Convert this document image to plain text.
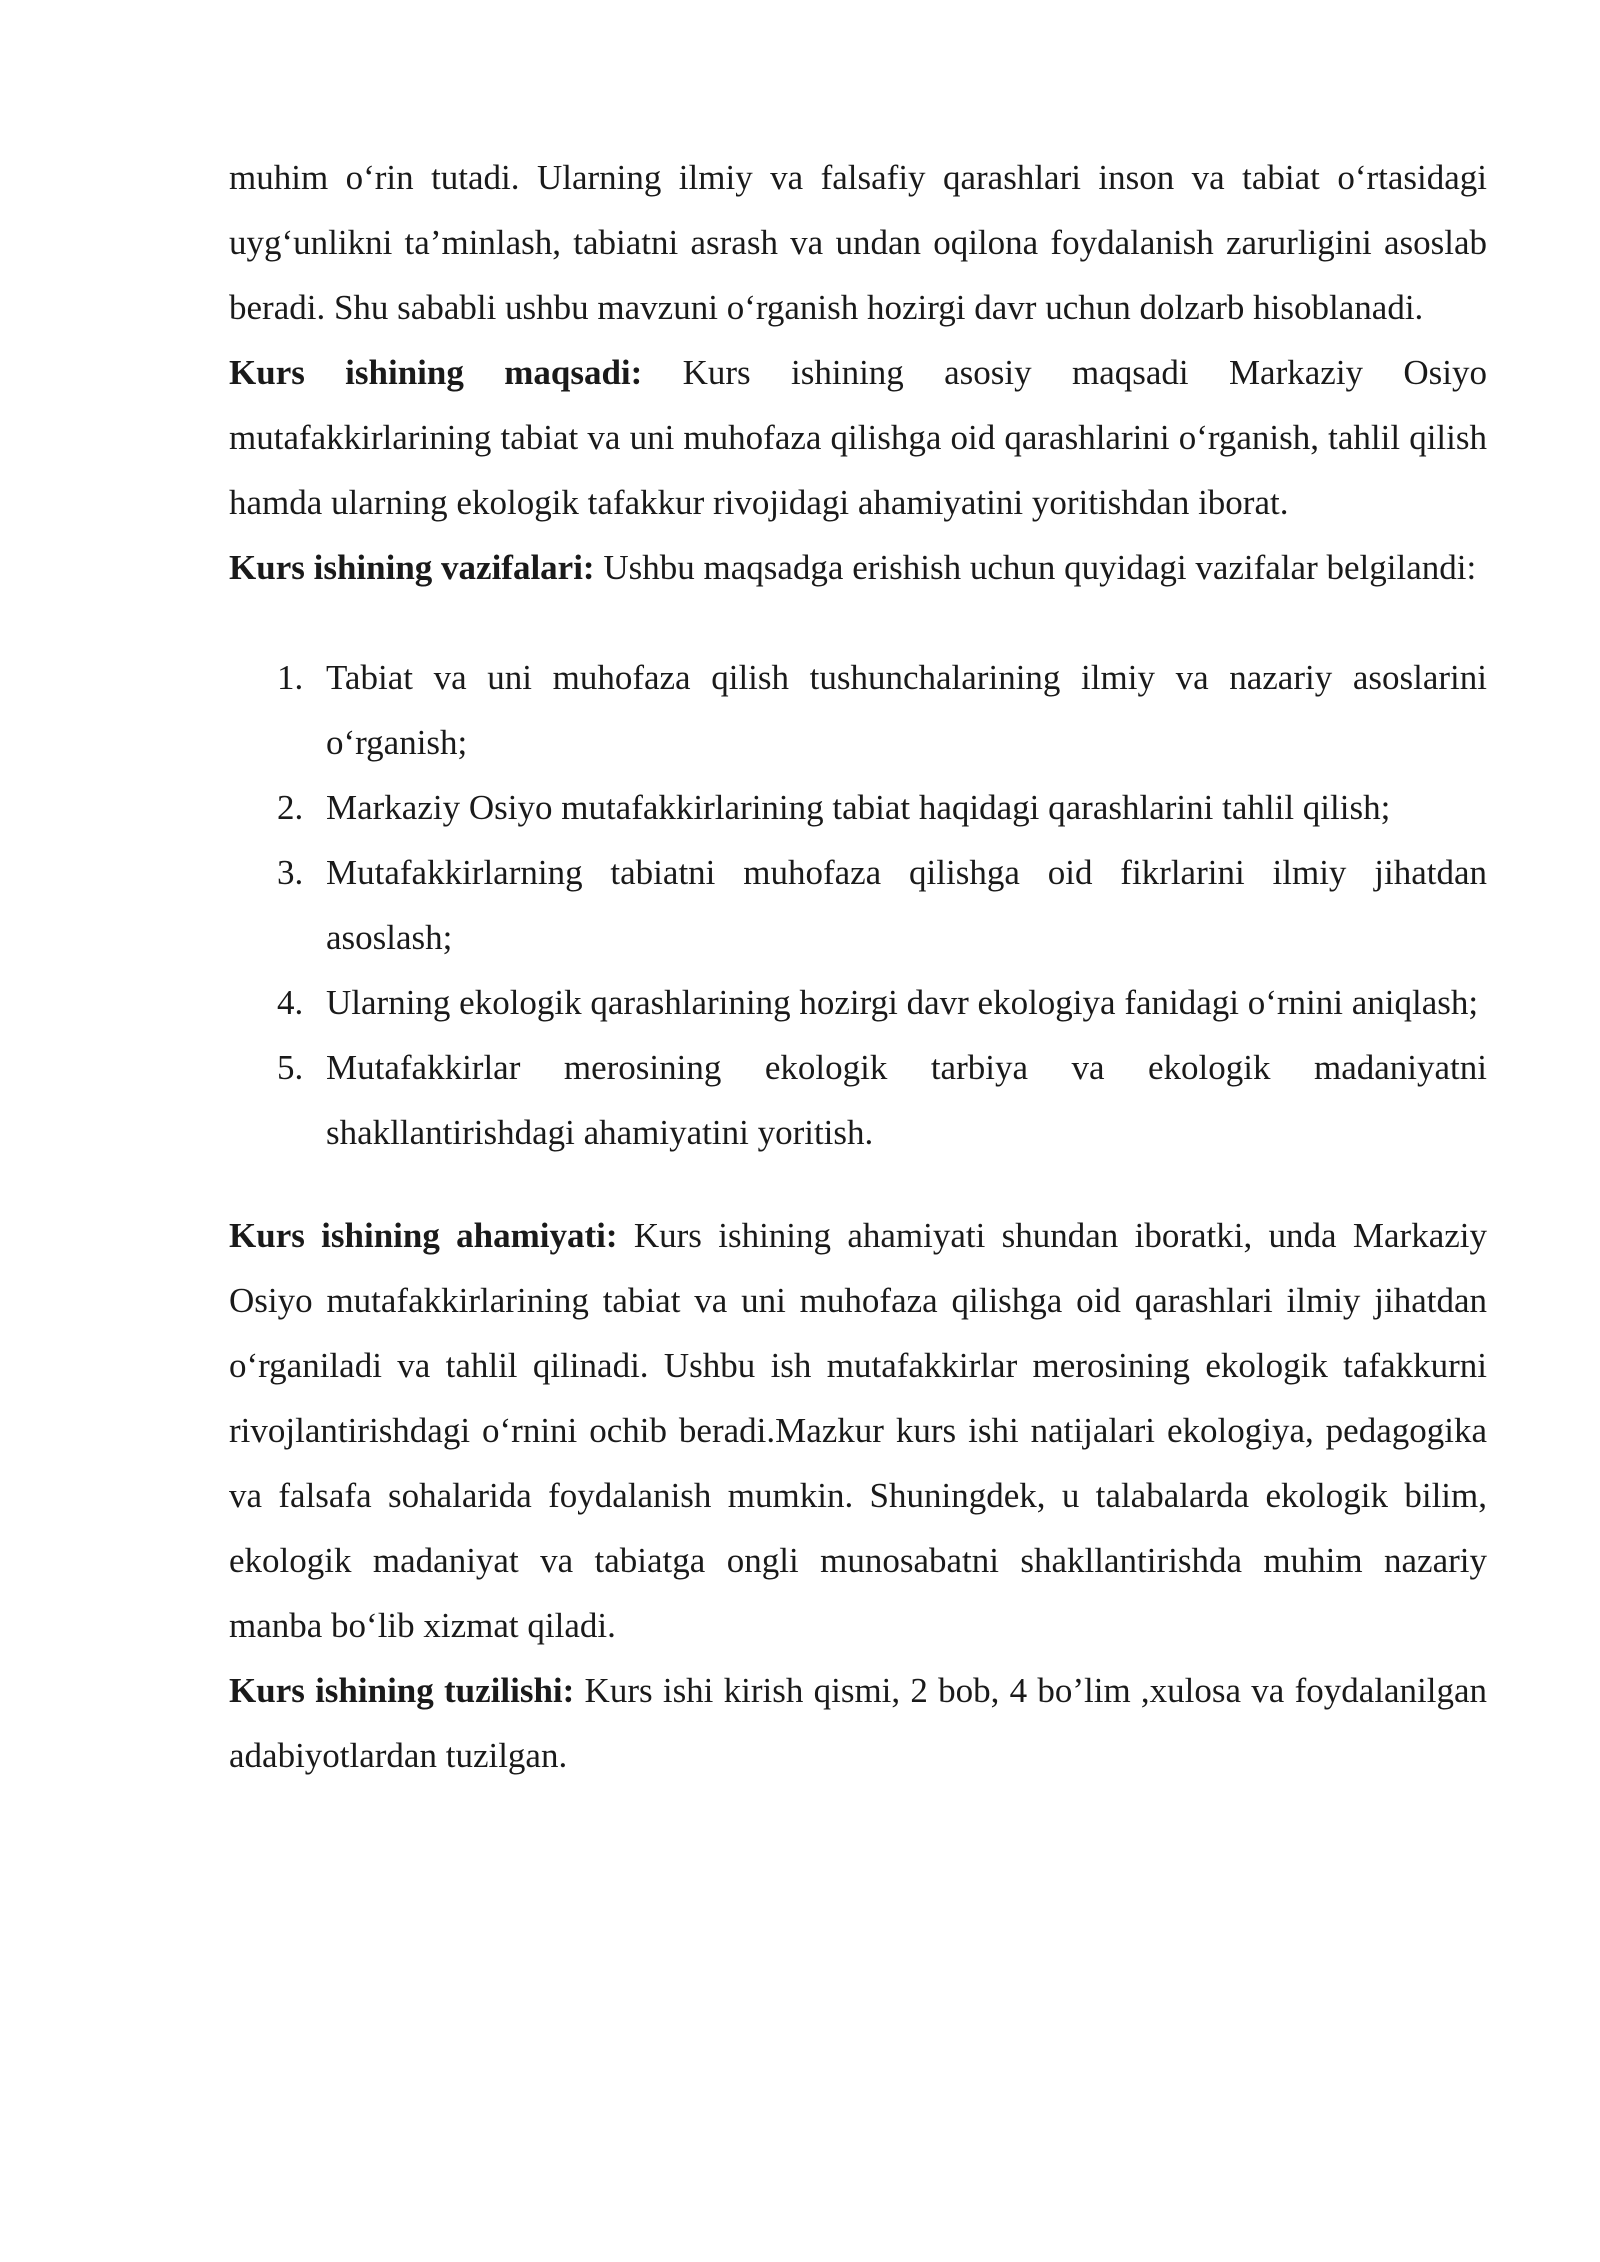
muhim o‘rin tutadi. Ularning ilmiy va falsafiy qarashlari inson va tabiat o‘rtasidagi uyg‘unlikni ta’minlash, tabiatni asrash va undan oqilona foydalanish zarurligini asoslab beradi. Shu sababli ushbu mavzuni o‘rganish hozirgi davr uchun dolzarb hisoblanadi.

Kurs ishining maqsadi: Kurs ishining asosiy maqsadi Markaziy Osiyo mutafakkirlarining tabiat va uni muhofaza qilishga oid qarashlarini o‘rganish, tahlil qilish hamda ularning ekologik tafakkur rivojidagi ahamiyatini yoritishdan iborat.

Kurs ishining vazifalari: Ushbu maqsadga erishish uchun quyidagi vazifalar belgilandi:

1. Tabiat va uni muhofaza qilish tushunchalarining ilmiy va nazariy asoslarini o‘rganish;
2. Markaziy Osiyo mutafakkirlarining tabiat haqidagi qarashlarini tahlil qilish;
3. Mutafakkirlarning tabiatni muhofaza qilishga oid fikrlarini ilmiy jihatdan asoslash;
4. Ularning ekologik qarashlarining hozirgi davr ekologiya fanidagi o‘rnini aniqlash;
5. Mutafakkirlar merosining ekologik tarbiya va ekologik madaniyatni shakllantirishdagi ahamiyatini yoritish.

Kurs ishining ahamiyati: Kurs ishining ahamiyati shundan iboratki, unda Markaziy Osiyo mutafakkirlarining tabiat va uni muhofaza qilishga oid qarashlari ilmiy jihatdan o‘rganiladi va tahlil qilinadi. Ushbu ish mutafakkirlar merosining ekologik tafakkurni rivojlantirishdagi o‘rnini ochib beradi.Mazkur kurs ishi natijalari ekologiya, pedagogika va falsafa sohalarida foydalanish mumkin. Shuningdek, u talabalarda ekologik bilim, ekologik madaniyat va tabiatga ongli munosabatni shakllantirishda muhim nazariy manba bo‘lib xizmat qiladi.

Kurs ishining tuzilishi: Kurs ishi kirish qismi, 2 bob, 4 bo’lim ,xulosa va foydalanilgan adabiyotlardan tuzilgan.
